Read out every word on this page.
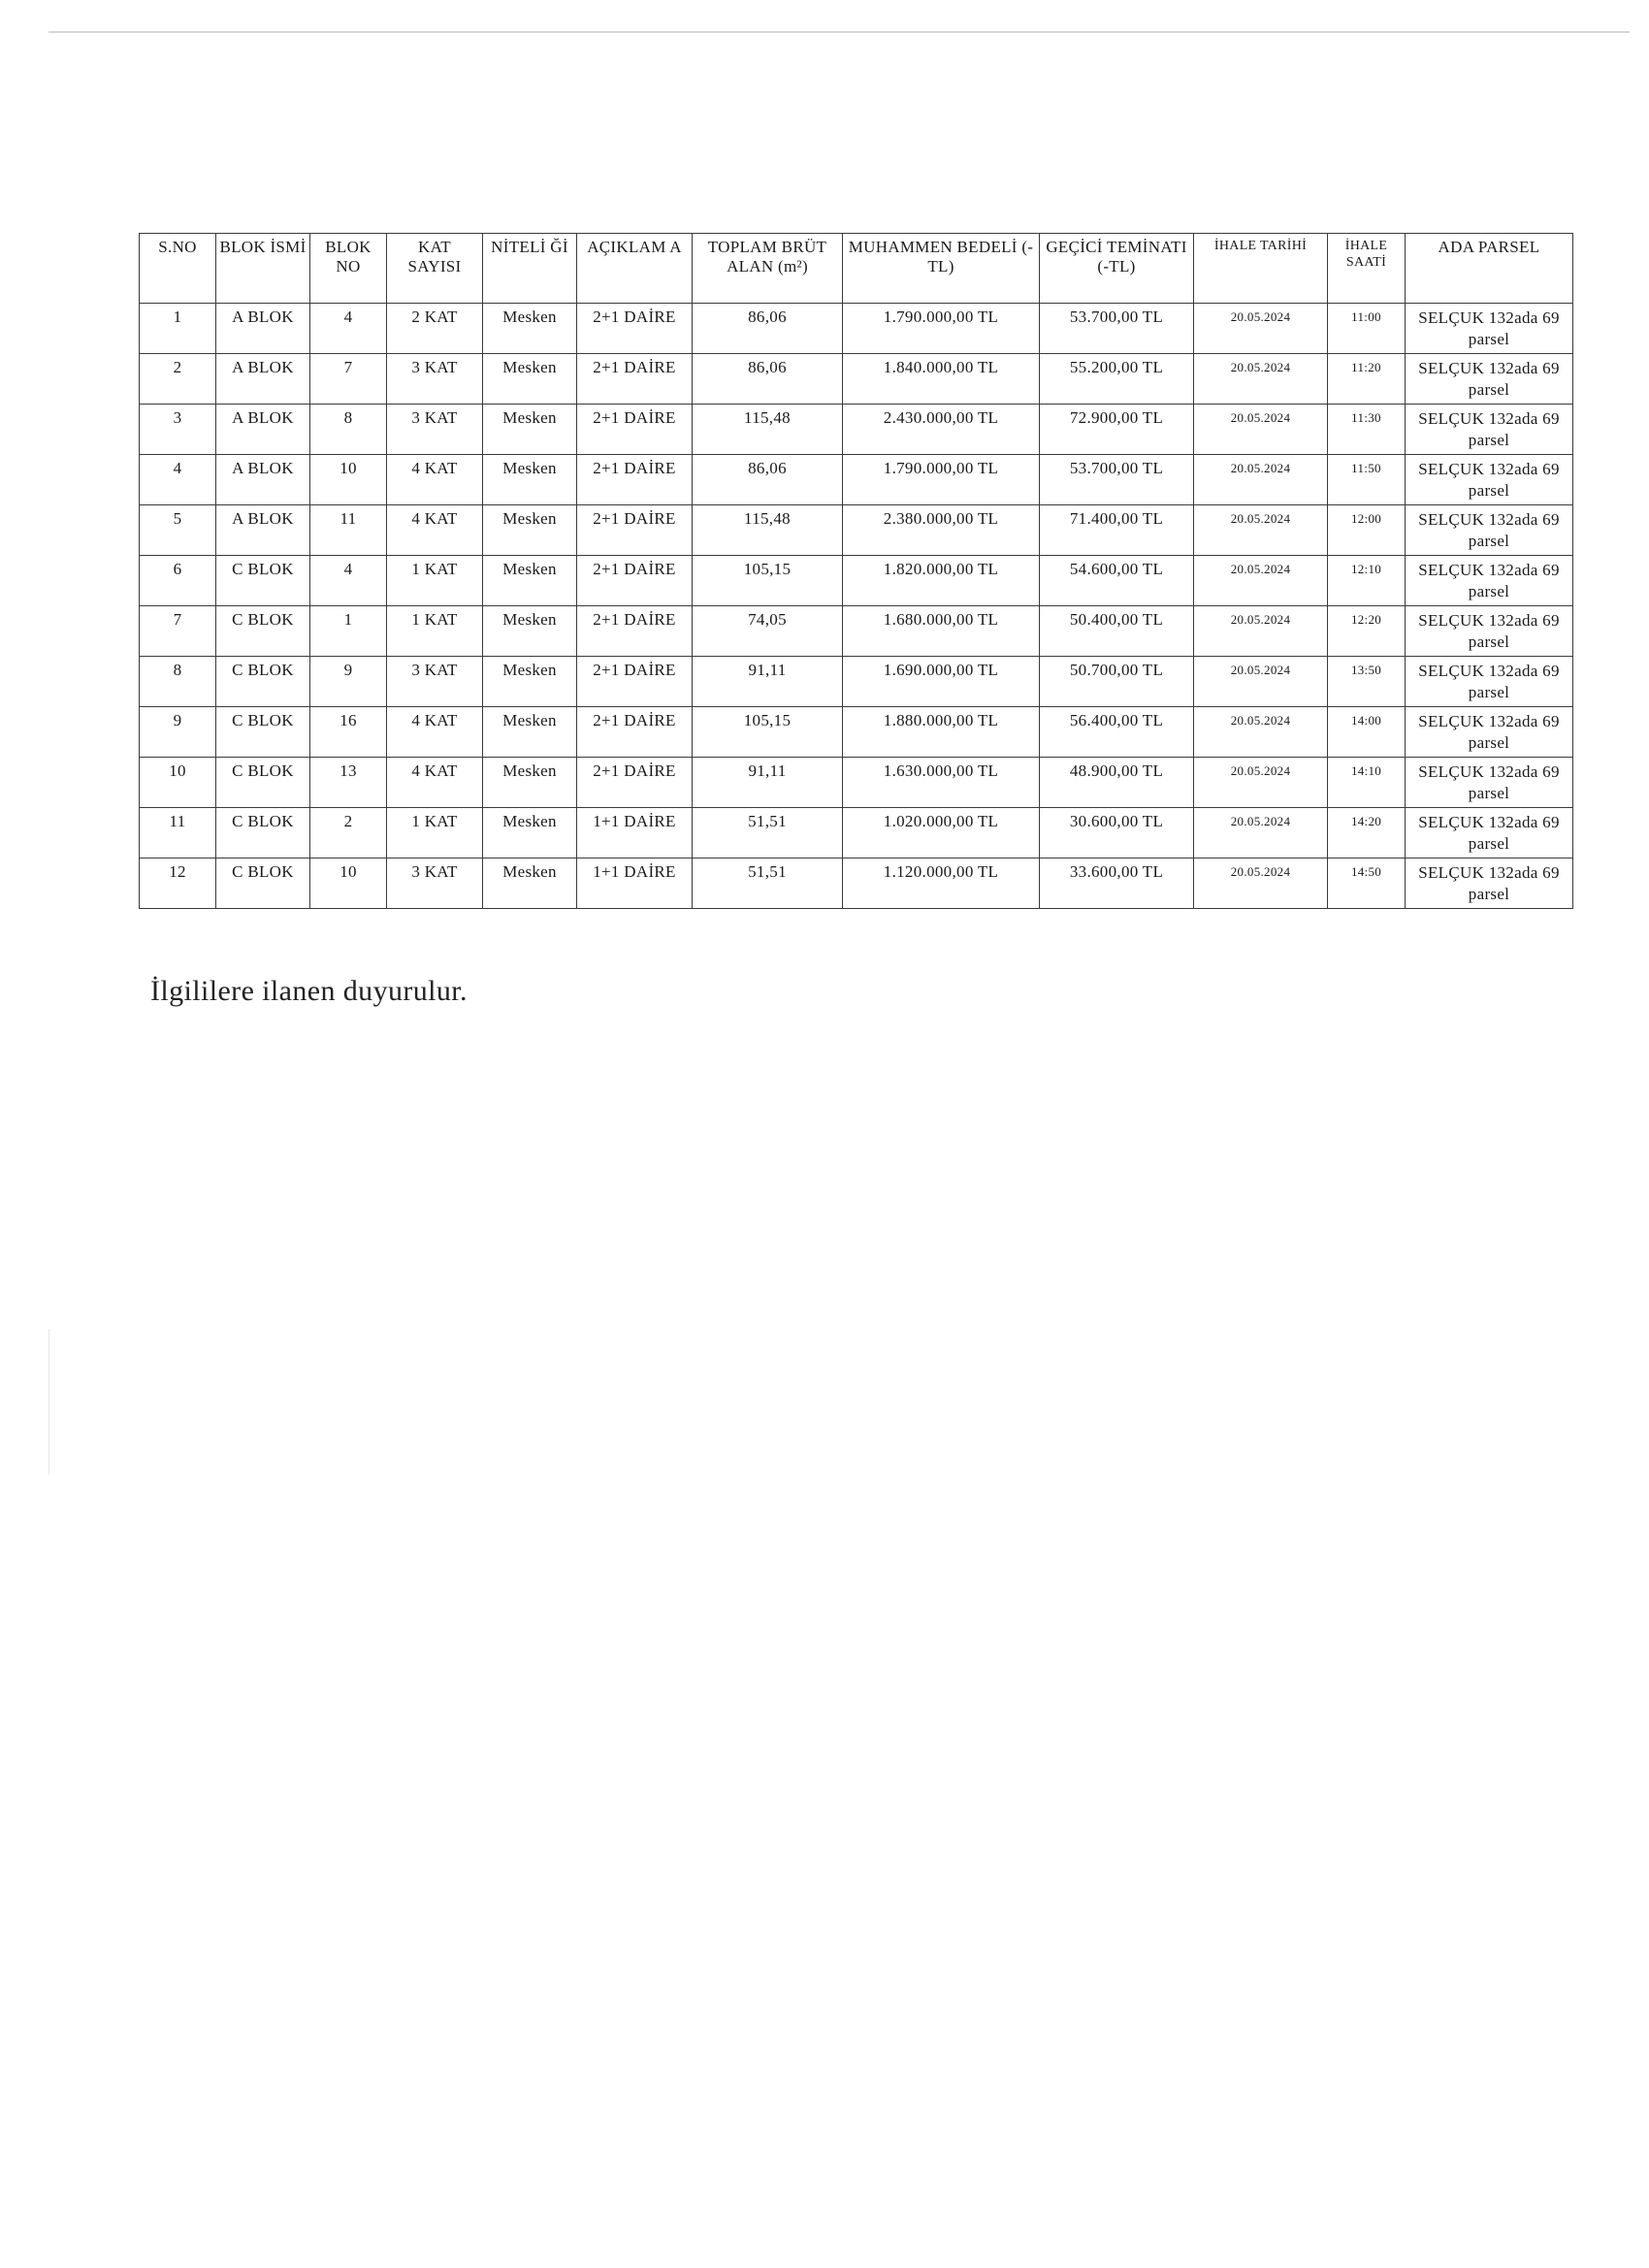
S.NO	BLOK İSMİ	BLOK NO	KAT SAYISI	NİTELİ Ğİ	AÇIKLAM A	TOPLAM BRÜT ALAN (m²)	MUHAMMEN BEDELİ (-TL)	GEÇİCİ TEMİNATI (-TL)	İHALE TARİHİ	İHALE SAATİ	ADA PARSEL
1	A BLOK	4	2 KAT	Mesken	2+1 DAİRE	86,06	1.790.000,00 TL	53.700,00 TL	20.05.2024	11:00	SELÇUK 132ada 69 parsel
2	A BLOK	7	3 KAT	Mesken	2+1 DAİRE	86,06	1.840.000,00 TL	55.200,00 TL	20.05.2024	11:20	SELÇUK 132ada 69 parsel
3	A BLOK	8	3 KAT	Mesken	2+1 DAİRE	115,48	2.430.000,00 TL	72.900,00 TL	20.05.2024	11:30	SELÇUK 132ada 69 parsel
4	A BLOK	10	4 KAT	Mesken	2+1 DAİRE	86,06	1.790.000,00 TL	53.700,00 TL	20.05.2024	11:50	SELÇUK 132ada 69 parsel
5	A BLOK	11	4 KAT	Mesken	2+1 DAİRE	115,48	2.380.000,00 TL	71.400,00 TL	20.05.2024	12:00	SELÇUK 132ada 69 parsel
6	C BLOK	4	1 KAT	Mesken	2+1 DAİRE	105,15	1.820.000,00 TL	54.600,00 TL	20.05.2024	12:10	SELÇUK 132ada 69 parsel
7	C BLOK	1	1 KAT	Mesken	2+1 DAİRE	74,05	1.680.000,00 TL	50.400,00 TL	20.05.2024	12:20	SELÇUK 132ada 69 parsel
8	C BLOK	9	3 KAT	Mesken	2+1 DAİRE	91,11	1.690.000,00 TL	50.700,00 TL	20.05.2024	13:50	SELÇUK 132ada 69 parsel
9	C BLOK	16	4 KAT	Mesken	2+1 DAİRE	105,15	1.880.000,00 TL	56.400,00 TL	20.05.2024	14:00	SELÇUK 132ada 69 parsel
10	C BLOK	13	4 KAT	Mesken	2+1 DAİRE	91,11	1.630.000,00 TL	48.900,00 TL	20.05.2024	14:10	SELÇUK 132ada 69 parsel
11	C BLOK	2	1 KAT	Mesken	1+1 DAİRE	51,51	1.020.000,00 TL	30.600,00 TL	20.05.2024	14:20	SELÇUK 132ada 69 parsel
12	C BLOK	10	3 KAT	Mesken	1+1 DAİRE	51,51	1.120.000,00 TL	33.600,00 TL	20.05.2024	14:50	SELÇUK 132ada 69 parsel
İlgililere ilanen duyurulur.
